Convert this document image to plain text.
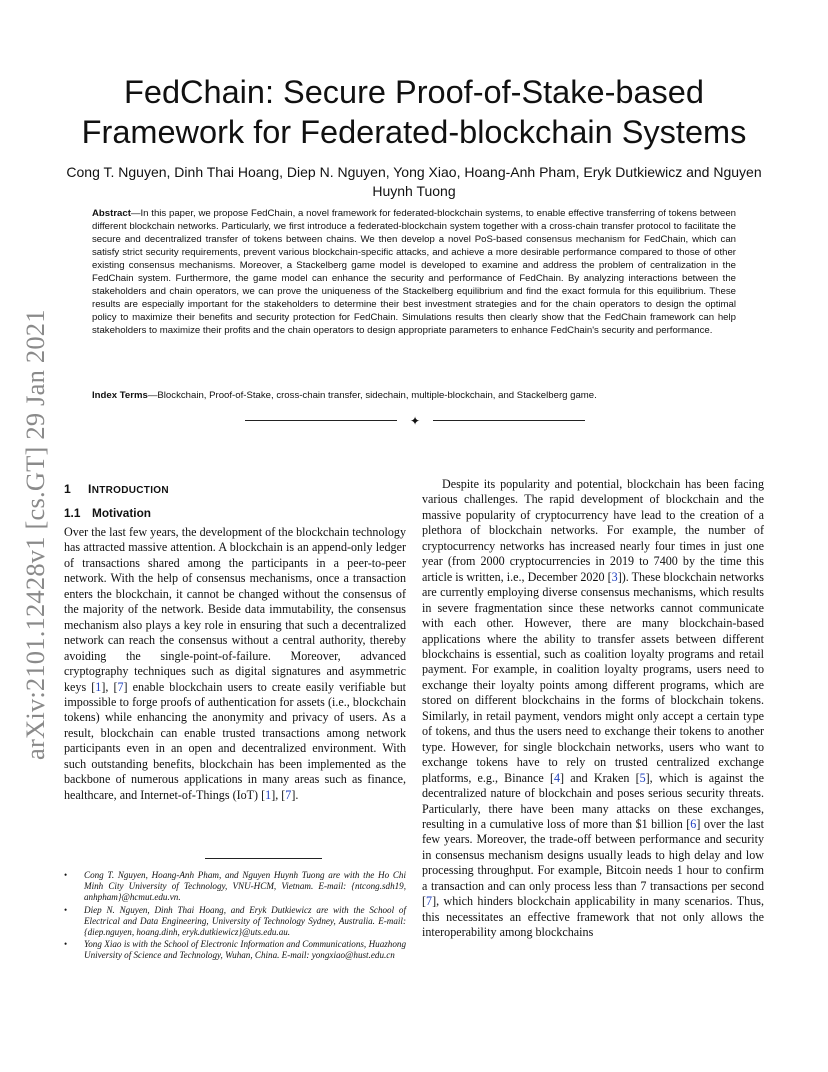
arXiv:2101.12428v1 [cs.GT] 29 Jan 2021
FedChain: Secure Proof-of-Stake-based
Framework for Federated-blockchain Systems
Cong T. Nguyen, Dinh Thai Hoang, Diep N. Nguyen, Yong Xiao, Hoang-Anh Pham, Eryk Dutkiewicz and Nguyen Huynh Tuong
Abstract—In this paper, we propose FedChain, a novel framework for federated-blockchain systems, to enable effective transferring of tokens between different blockchain networks. Particularly, we first introduce a federated-blockchain system together with a cross-chain transfer protocol to facilitate the secure and decentralized transfer of tokens between chains. We then develop a novel PoS-based consensus mechanism for FedChain, which can satisfy strict security requirements, prevent various blockchain-specific attacks, and achieve a more desirable performance compared to those of other existing consensus mechanisms. Moreover, a Stackelberg game model is developed to examine and address the problem of centralization in the FedChain system. Furthermore, the game model can enhance the security and performance of FedChain. By analyzing interactions between the stakeholders and chain operators, we can prove the uniqueness of the Stackelberg equilibrium and find the exact formula for this equilibrium. These results are especially important for the stakeholders to determine their best investment strategies and for the chain operators to design the optimal policy to maximize their benefits and security protection for FedChain. Simulations results then clearly show that the FedChain framework can help stakeholders to maximize their profits and the chain operators to design appropriate parameters to enhance FedChain's security and performance.
Index Terms—Blockchain, Proof-of-Stake, cross-chain transfer, sidechain, multiple-blockchain, and Stackelberg game.
✦
1 INTRODUCTION
1.1 Motivation

Over the last few years, the development of the blockchain technology has attracted massive attention. A blockchain is an append-only ledger of transactions shared among the participants in a peer-to-peer network. With the help of consensus mechanisms, once a transaction enters the blockchain, it cannot be changed without the consensus of the majority of the network. Beside data immutability, the consensus mechanism also plays a key role in ensuring that such a decentralized network can reach the consensus without a central authority, thereby avoiding the single-point-of-failure. Moreover, advanced cryptography techniques such as digital signatures and asymmetric keys [1], [7] enable blockchain users to create easily verifiable but impossible to forge proofs of authentication for assets (i.e., blockchain tokens) while enhancing the anonymity and privacy of users. As a result, blockchain can enable trusted transactions among network participants even in an open and decentralized environment. With such outstanding benefits, blockchain has been implemented as the backbone of numerous applications in many areas such as finance, healthcare, and Internet-of-Things (IoT) [1], [7].

• Cong T. Nguyen, Hoang-Anh Pham, and Nguyen Huynh Tuong are with the Ho Chi Minh City University of Technology, VNU-HCM, Vietnam. E-mail: {ntcong.sdh19, anhpham}@hcmut.edu.vn.
• Diep N. Nguyen, Dinh Thai Hoang, and Eryk Dutkiewicz are with the School of Electrical and Data Engineering, University of Technology Sydney, Australia. E-mail: {diep.nguyen, hoang.dinh, eryk.dutkiewicz}@uts.edu.au.
• Yong Xiao is with the School of Electronic Information and Communications, Huazhong University of Science and Technology, Wuhan, China. E-mail: yongxiao@hust.edu.cn

Despite its popularity and potential, blockchain has been facing various challenges. The rapid development of blockchain and the massive popularity of cryptocurrency have lead to the creation of a plethora of blockchain networks. For example, the number of cryptocurrency networks has increased nearly four times in just one year (from 2000 cryptocurrencies in 2019 to 7400 by the time this article is written, i.e., December 2020 [3]). These blockchain networks are currently employing diverse consensus mechanisms, which results in severe fragmentation since these networks cannot communicate with each other. However, there are many blockchain-based applications where the ability to transfer assets between different blockchains is essential, such as coalition loyalty programs and retail payment. For example, in coalition loyalty programs, users need to exchange their loyalty points among different programs, which are stored on different blockchains in the forms of blockchain tokens. Similarly, in retail payment, vendors might only accept a certain type of tokens, and thus the users need to exchange their tokens to another type. However, for single blockchain networks, users who want to exchange tokens have to rely on trusted centralized exchange platforms, e.g., Binance [4] and Kraken [5], which is against the decentralized nature of blockchain and poses serious security threats. Particularly, there have been many attacks on these exchanges, resulting in a cumulative loss of more than $1 billion [6] over the last few years. Moreover, the trade-off between performance and security in consensus mechanism designs usually leads to high delay and low processing throughput. For example, Bitcoin needs 1 hour to confirm a transaction and can only process less than 7 transactions per second [7], which hinders blockchain applicability in many scenarios. Thus, this necessitates an effective framework that not only allows the interoperability among blockchains
